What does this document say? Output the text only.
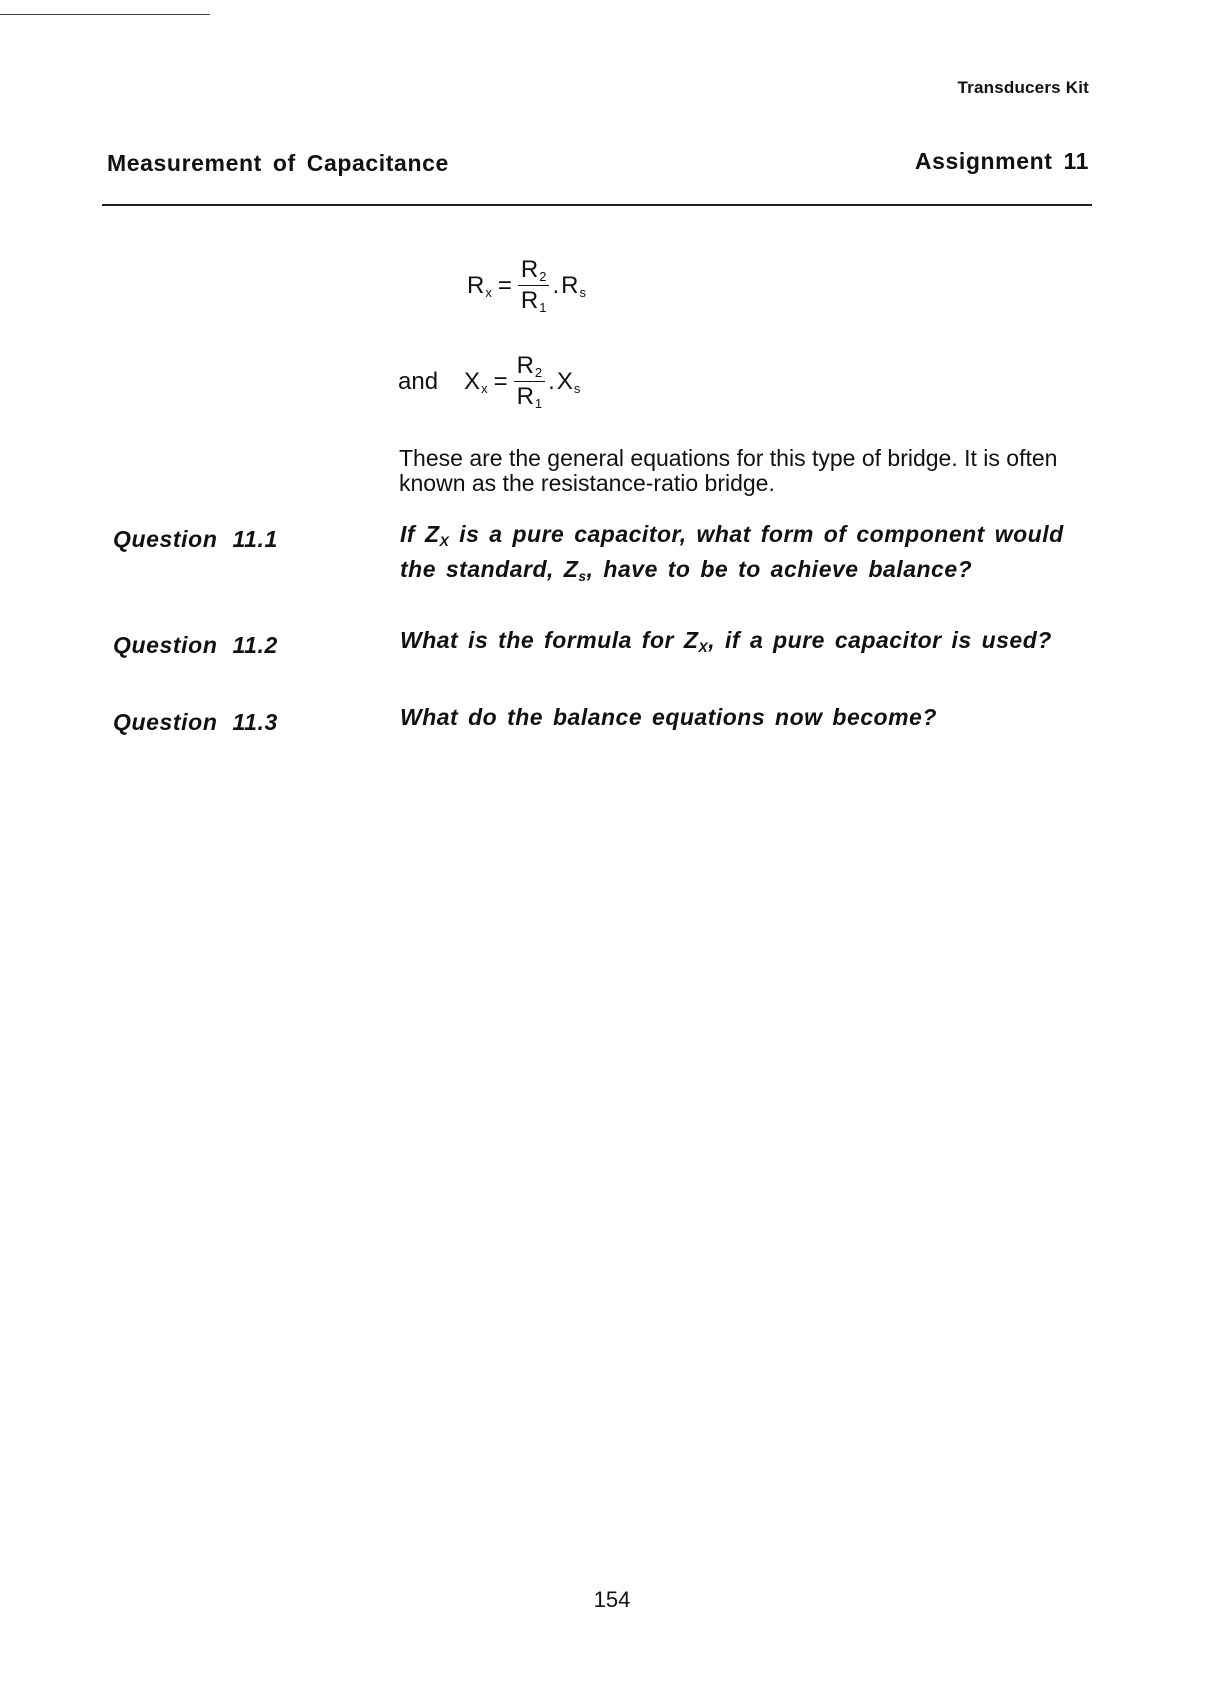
Transducers Kit
Measurement of Capacitance	Assignment 11
$R_x = \frac{R_2}{R_1}$ . $R_s$
and $X_x = \frac{R_2}{R_1}$ . $X_s$
These are the general equations for this type of bridge. It is often known as the resistance-ratio bridge.
Question 11.1	If $Z_X$ is a pure capacitor, what form of component would the standard, $Z_s$, have to be to achieve balance?
Question 11.2	What is the formula for $Z_X$, if a pure capacitor is used?
Question 11.3	What do the balance equations now become?
154
